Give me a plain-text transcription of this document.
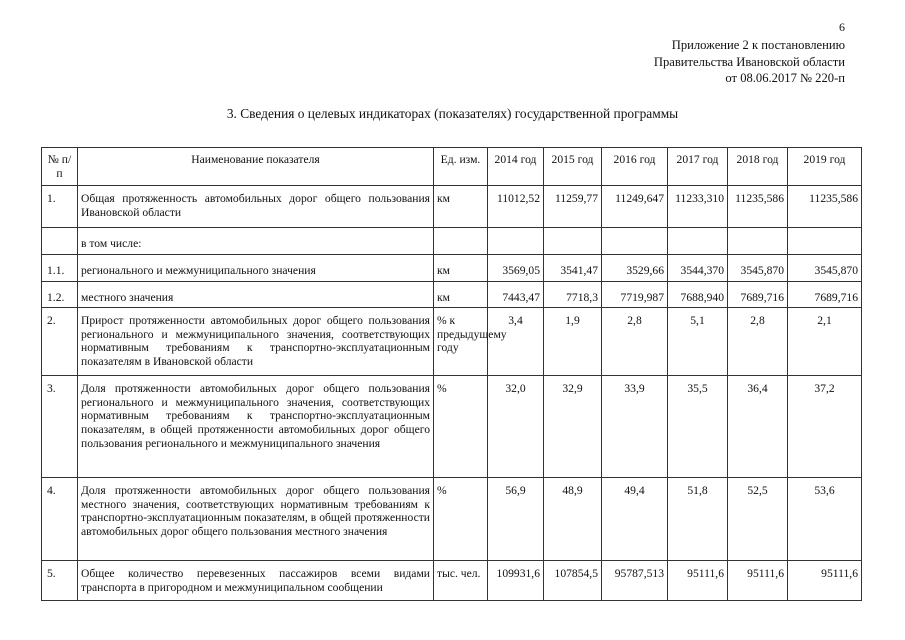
6
Приложение 2 к постановлению
Правительства Ивановской области
от 08.06.2017 № 220-п
3. Сведения о целевых индикаторах (показателях) государственной программы
№ п/п	Наименование показателя	Ед. изм.	2014 год	2015 год	2016 год	2017 год	2018 год	2019 год
1.	Общая протяженность автомобильных дорог общего пользования Ивановской области	км	11012,52	11259,77	11249,647	11233,310	11235,586	11235,586
	в том числе:							
1.1.	регионального и межмуниципального значения	км	3569,05	3541,47	3529,66	3544,370	3545,870	3545,870
1.2.	местного значения	км	7443,47	7718,3	7719,987	7688,940	7689,716	7689,716
2.	Прирост протяженности автомобильных дорог общего пользования регионального и межмуниципального значения, соответствующих нормативным требованиям к транспортно-эксплуатационным показателям в Ивановской области	% к предыдущему году	3,4	1,9	2,8	5,1	2,8	2,1
3.	Доля протяженности автомобильных дорог общего пользования регионального и межмуниципального значения, соответствующих нормативным требованиям к транспортно-эксплуатационным показателям, в общей протяженности автомобильных дорог общего пользования регионального и межмуниципального значения	%	32,0	32,9	33,9	35,5	36,4	37,2
4.	Доля протяженности автомобильных дорог общего пользования местного значения, соответствующих нормативным требованиям к транспортно-эксплуатационным показателям, в общей протяженности автомобильных дорог общего пользования местного значения	%	56,9	48,9	49,4	51,8	52,5	53,6
5.	Общее количество перевезенных пассажиров всеми видами транспорта в пригородном и межмуниципальном сообщении	тыс. чел.	109931,6	107854,5	95787,513	95111,6	95111,6	95111,6
